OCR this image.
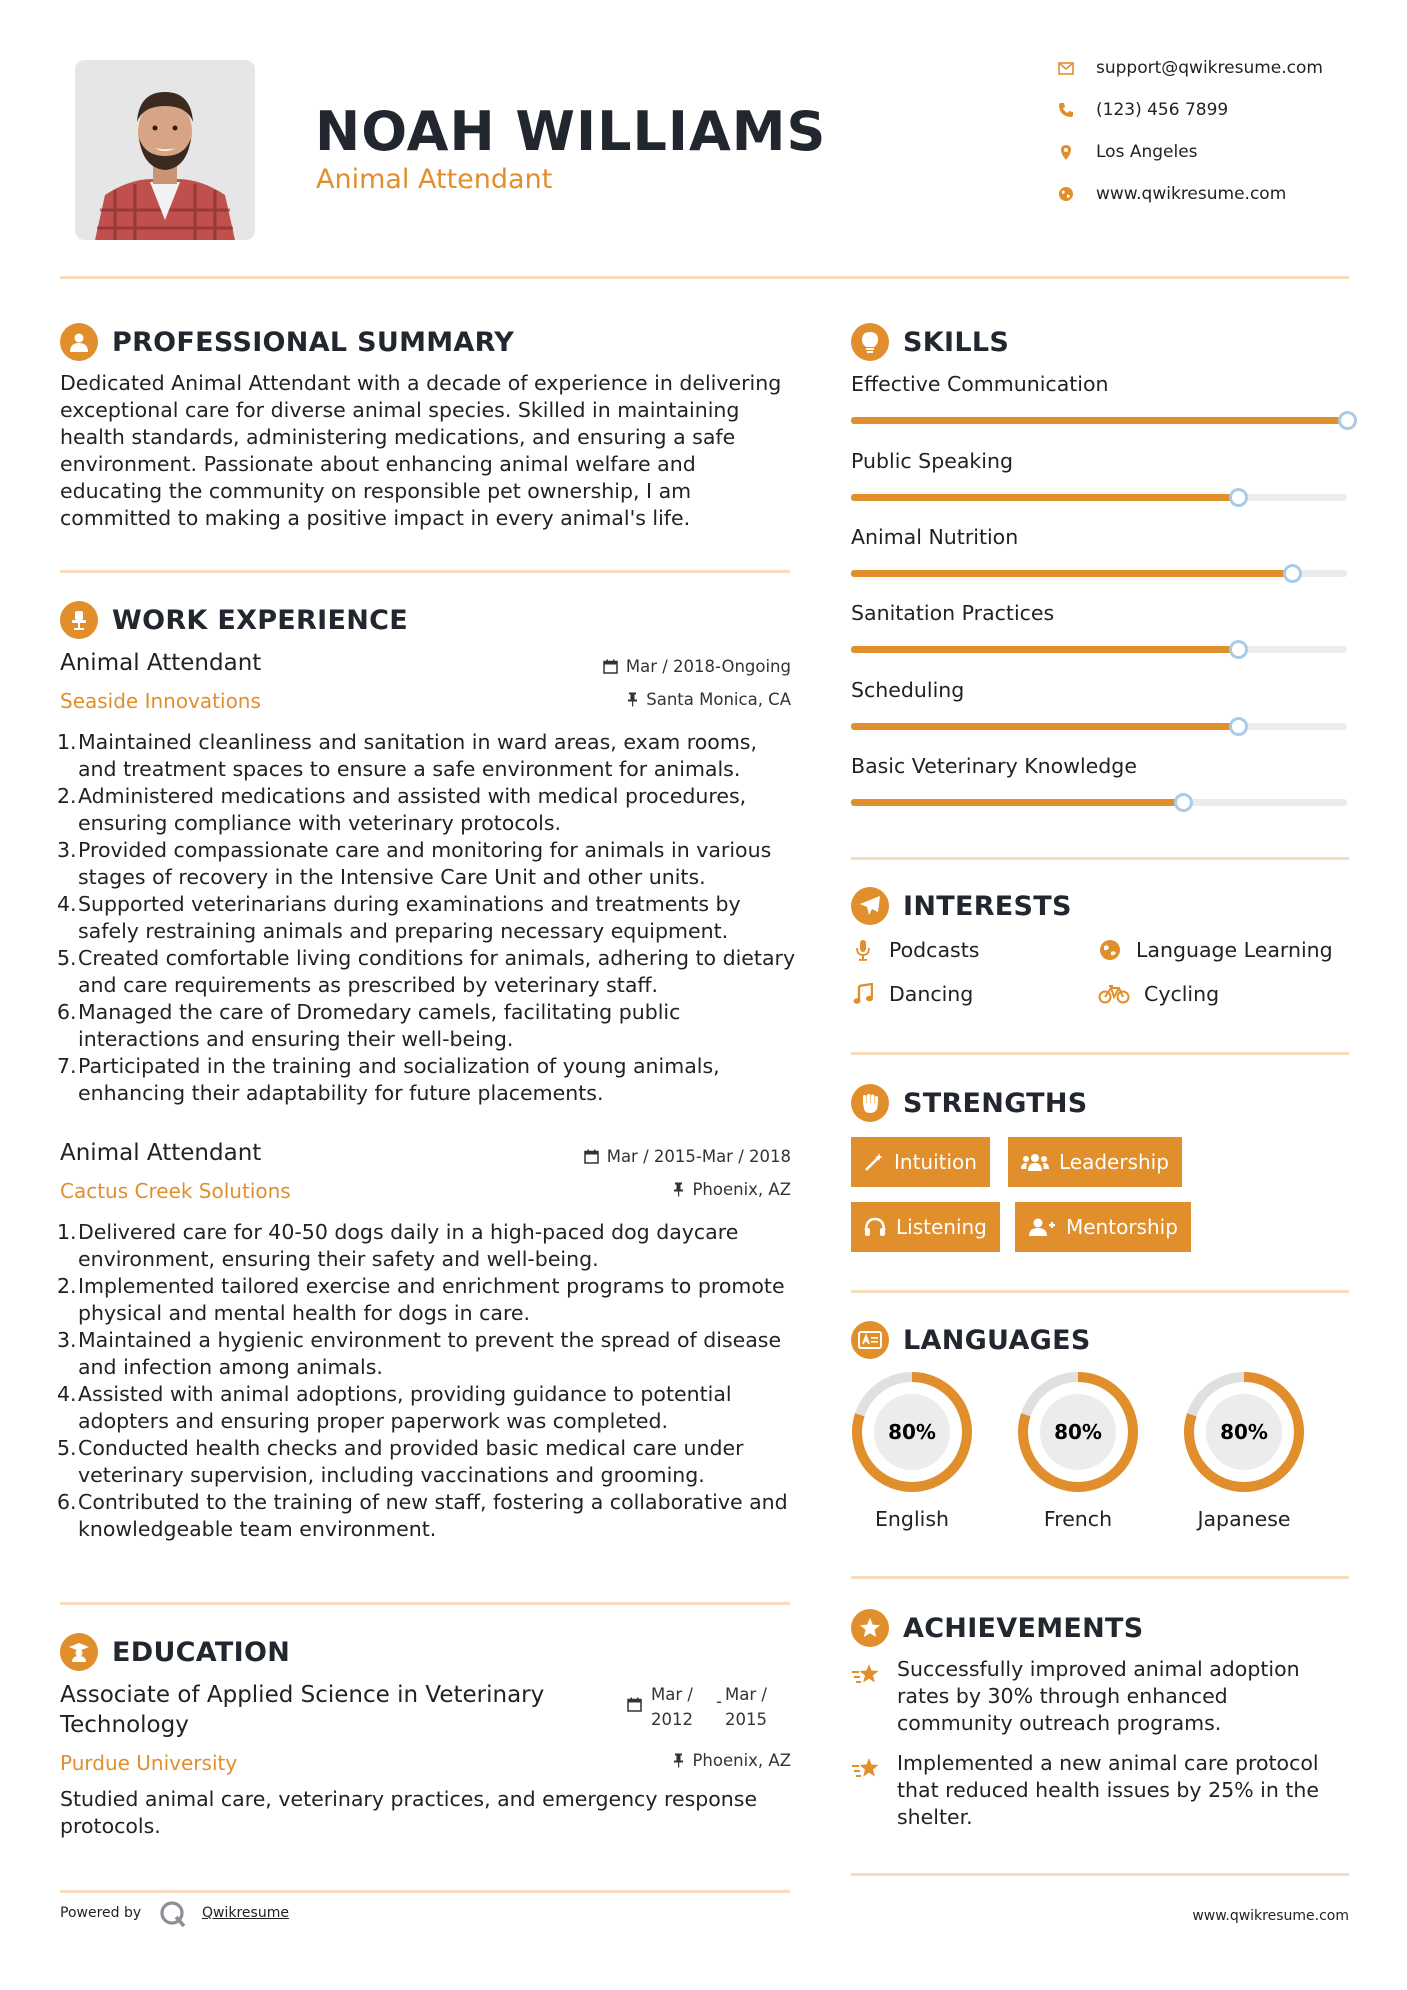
NOAH WILLIAMS
Animal Attendant
support@qwikresume.com
(123) 456 7899
Los Angeles
www.qwikresume.com
PROFESSIONAL SUMMARY
Dedicated Animal Attendant with a decade of experience in delivering exceptional care for diverse animal species. Skilled in maintaining health standards, administering medications, and ensuring a safe environment. Passionate about enhancing animal welfare and educating the community on responsible pet ownership, I am committed to making a positive impact in every animal's life.
WORK EXPERIENCE
Animal Attendant
Seaside Innovations
Mar / 2018-Ongoing
Santa Monica, CA
1. Maintained cleanliness and sanitation in ward areas, exam rooms, and treatment spaces to ensure a safe environment for animals.
2. Administered medications and assisted with medical procedures, ensuring compliance with veterinary protocols.
3. Provided compassionate care and monitoring for animals in various stages of recovery in the Intensive Care Unit and other units.
4. Supported veterinarians during examinations and treatments by safely restraining animals and preparing necessary equipment.
5. Created comfortable living conditions for animals, adhering to dietary and care requirements as prescribed by veterinary staff.
6. Managed the care of Dromedary camels, facilitating public interactions and ensuring their well-being.
7. Participated in the training and socialization of young animals, enhancing their adaptability for future placements.
Animal Attendant
Cactus Creek Solutions
Mar / 2015-Mar / 2018
Phoenix, AZ
1. Delivered care for 40-50 dogs daily in a high-paced dog daycare environment, ensuring their safety and well-being.
2. Implemented tailored exercise and enrichment programs to promote physical and mental health for dogs in care.
3. Maintained a hygienic environment to prevent the spread of disease and infection among animals.
4. Assisted with animal adoptions, providing guidance to potential adopters and ensuring proper paperwork was completed.
5. Conducted health checks and provided basic medical care under veterinary supervision, including vaccinations and grooming.
6. Contributed to the training of new staff, fostering a collaborative and knowledgeable team environment.
EDUCATION
Associate of Applied Science in Veterinary
Technology
Purdue University
Mar /
2012
- Mar /
2015
Phoenix, AZ
Studied animal care, veterinary practices, and emergency response protocols.
SKILLS
Effective Communication
Public Speaking
Animal Nutrition
Sanitation Practices
Scheduling
Basic Veterinary Knowledge
INTERESTS
Podcasts	Language Learning
Dancing	Cycling
STRENGTHS
Intuition	Leadership
Listening	Mentorship
LANGUAGES
80%
English
80%
French
80%
Japanese
ACHIEVEMENTS
Successfully improved animal adoption rates by 30% through enhanced community outreach programs.
Implemented a new animal care protocol that reduced health issues by 25% in the shelter.
Powered by	Qwikresume	www.qwikresume.com
